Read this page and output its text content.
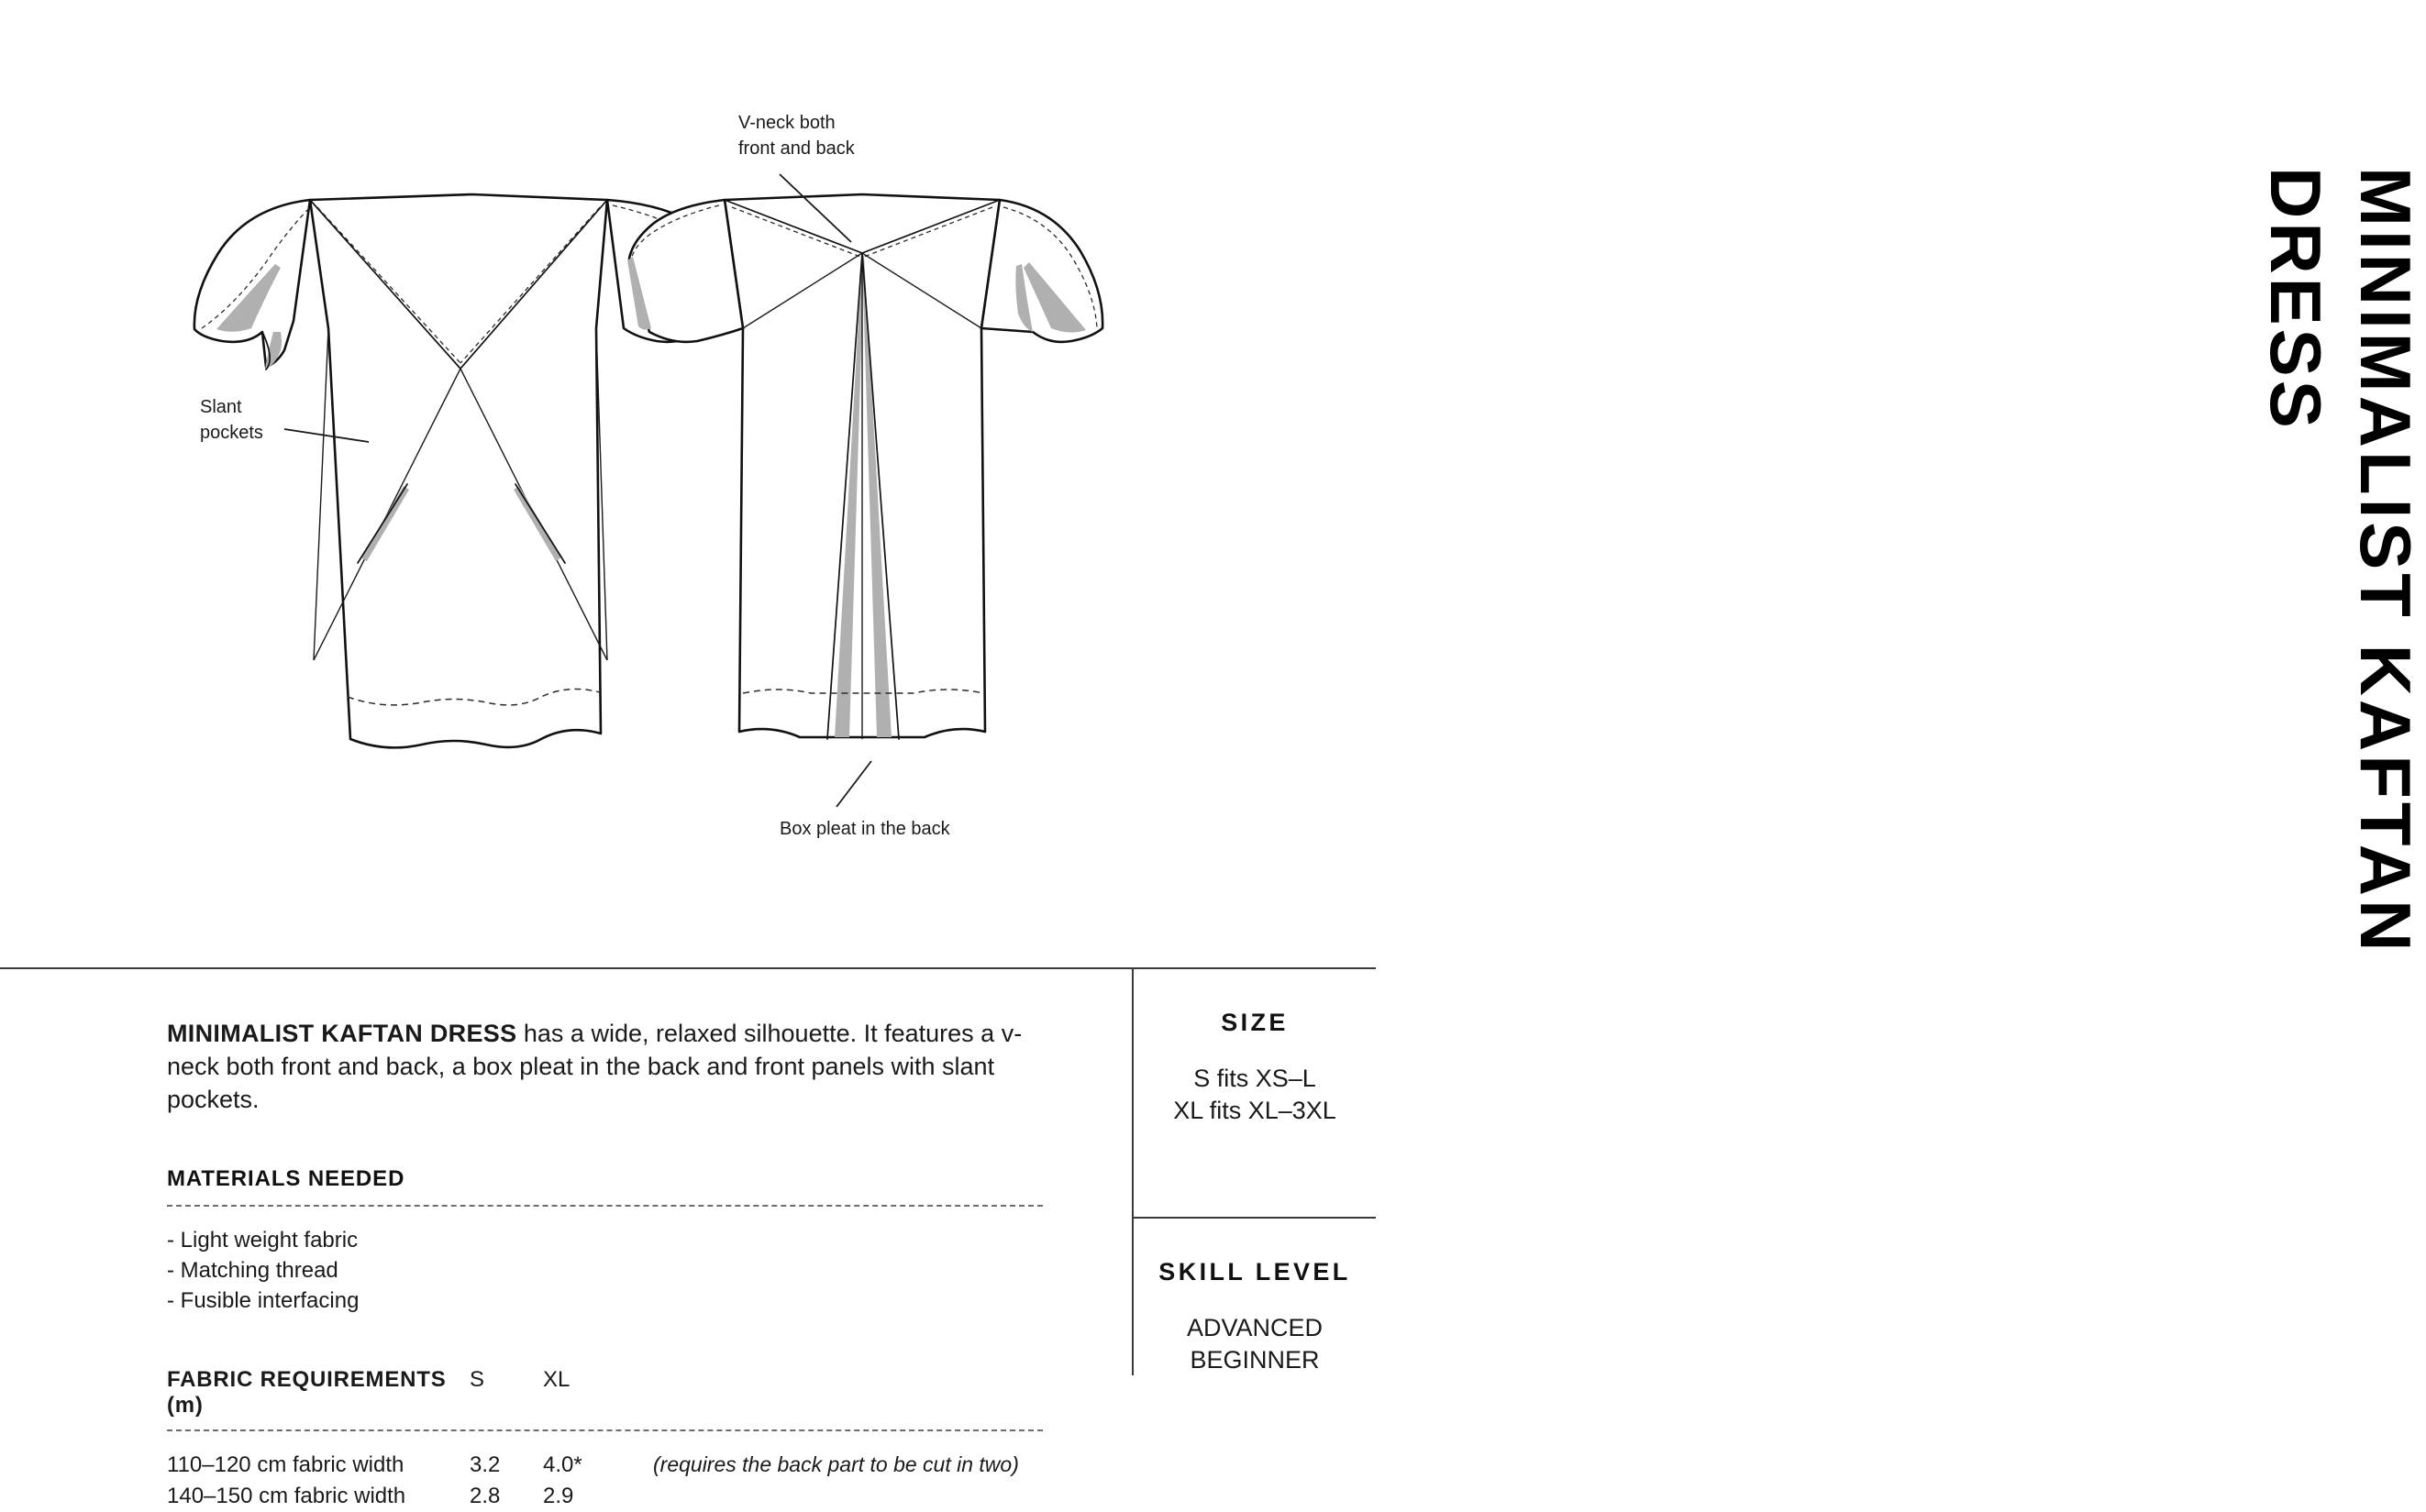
V-neck both
front and back
Slant
pockets
Box pleat in the back	MINIMALIST KAFTAN
DRESS

MINIMALIST KAFTAN DRESS has a wide, relaxed silhouette. It features a v-neck both front and back, a box pleat in the back and front panels with slant pockets.

MATERIALS NEEDED
- Light weight fabric
- Matching thread
- Fusible interfacing
FABRIC REQUIREMENTS (m)
S	XL
110–120 cm fabric width	3.2	4.0*	(requires the back part to be cut in two)
140–150 cm fabric width	2.8	2.9
SIZE
S fits XS–L
XL fits XL–3XL
SKILL LEVEL
ADVANCED
BEGINNER
